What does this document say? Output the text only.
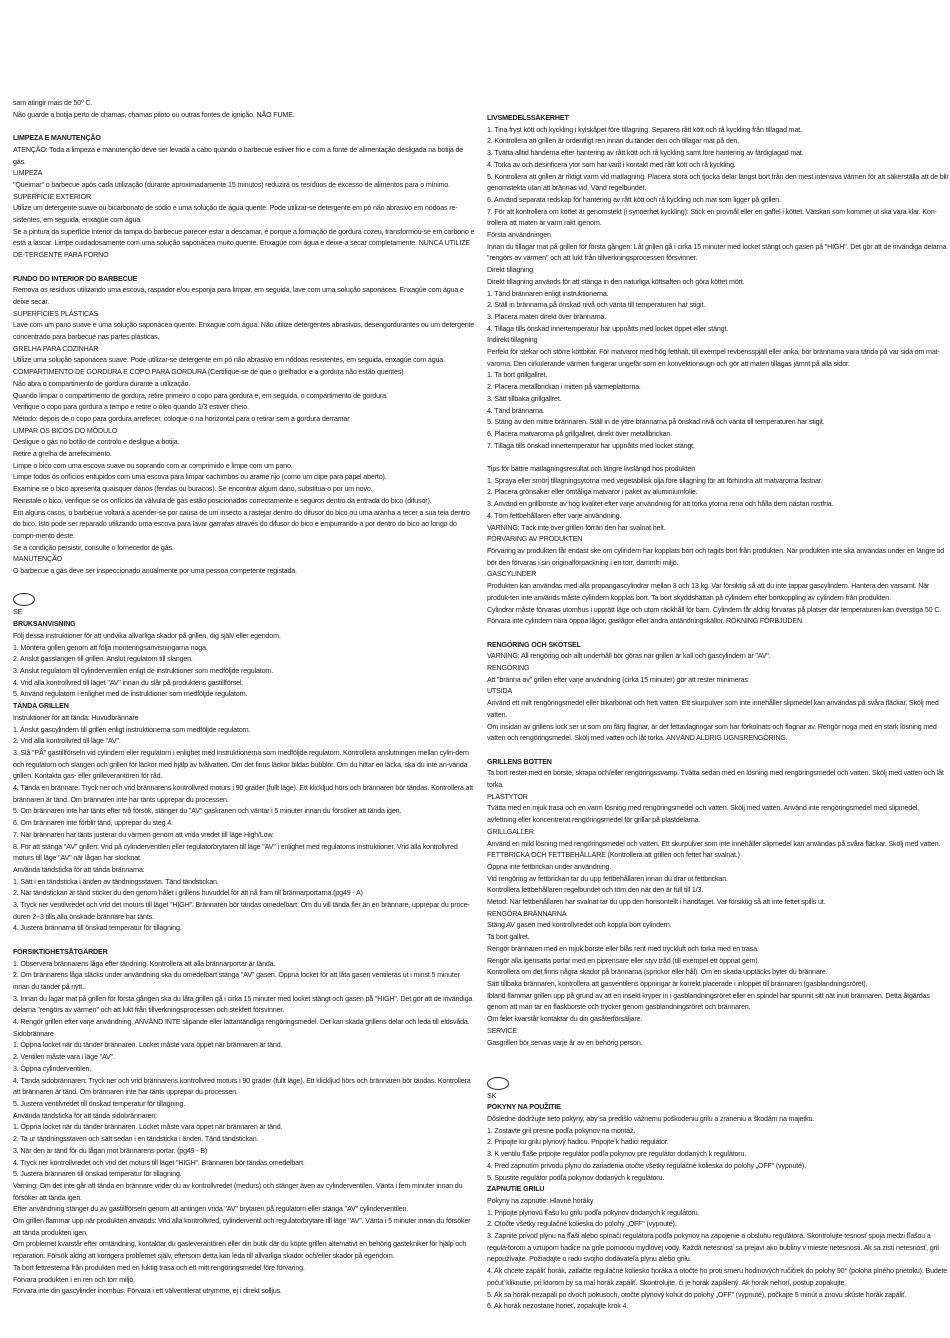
sam atingir mais de 50º C.

Não guarde a botija perto de chamas, chamas piloto ou outras fontes de ignição. NÃO FUME.

LIMPEZA E MANUTENÇÃO

ATENÇÃO: Toda a limpeza e manutenção deve ser levada a cabo quando o barbecue estiver frio e com a fonte de alimentação desligada na botija de gás.

LIMPEZA

"Queimar" o barbecue após cada utilização (durante aproximadamente 15 minutos) reduzirá os resíduos de excesso de alimentos para o mínimo.

SUPERFÍCIE EXTERIOR

Utilize um detergente suave ou bicarbonato de sódio e uma solução de água quente. Pode utilizar-se detergente em pó não abrasivo em nódoas re-sistentes, em seguida, enxagúe com água.

Se a pintura da superfície interior da tampa do barbecue parecer estar a descamar, é porque a formação de gordura cozeu, transformou-se em carbono e está a lascar. Limpe cuidadosamente com uma solução saponácea muito quente. Enxagúe com água e deixe-a secar completamente. NUNCA UTILIZE DE-TERGENTE PARA FORNO

FUNDO DO INTERIOR DO BARBECUE

Remova os resíduos utilizando uma escova, raspador e/ou esponja para limpar, em seguida, lave com uma solução saponácea. Enxagúe com água e deixe secar.

SUPERFÍCIES PLÁSTICAS

Lave com um pano suave e uma solução saponácea quente. Enxagúe com água. Não utilize detergentes abrasivos, desengordurantes ou um detergente concentrado para barbecue nas partes plásticas.

GRELHA PARA COZINHAR

Utilize uma solução saponácea suave. Pode utilizar-se detergente em pó não abrasivo em nódoas resistentes, em seguida, enxagúe com água.

COMPARTIMENTO DE GORDURA E COPO PARA GORDURA (Certifique-se de que o grelhador e a gordura não estão quentes)

Não abra o compartimento de gordura durante a utilização.

Quando limpar o compartimento de gordura, retire primeiro o copo para gordura e, em seguida, o compartimento de gordura.

Verifique o copo para gordura a tempo e retire o óleo quando 1/3 estiver cheio.

Método: depois de o copo para gordura arrefecer, coloque-o na horizontal para o retirar sem a gordura derramar

LIMPAR OS BICOS DO MÓDULO

Desligue o gás no botão de controlo e desligue a botija.

Retire a grelha de arrefecimento.

Limpe o bico com uma escova suave ou soprando com ar comprimido e limpe com um pano.

Limpe todos os orifícios entupidos com uma escova para limpar cachimbos ou arame rijo (como um clipe para papel aberto).

Examine se o bico apresenta quaisquer danos (fendas ou buracos). Se encontrar algum dano, substitua-o por um novo.

Reinstale o bico, verifique se os orifícios da válvula de gás estão posicionados correctamente e seguros dentro da entrada do bico (difusor).

Em alguns casos, o barbecue voltará a acender-se por causa de um insecto a rastejar dentro do difusor do bico ou uma aranha a tecer a sua teia dentro do bico. Isto pode ser reparado utilizando uma escova para lavar garrafas através do difusor do bico e empurrando-a por dentro do bico ao longo do compri-mento deste.

Se a condição persistir, consulte o fornecedor de gás.

MANUTENÇÃO

O barbecue a gás deve ser inspeccionado anualmente por uma pessoa competente registada.

SE

BRUKSANVISNING

Följ dessa instruktioner för att undvika allvarliga skador på grillen, dig själv eller egendom.

1. Montera grillen genom att följa monteringsanvisningarna noga.

2. Anslut gasslangen till grillen. Anslut regulatorn till slangen.

3. Anslut regulatorn till cylinderventilen enligt de instruktioner som medföljde regulatorn.

4. Vrid alla kontrollvred till läget "AV" innan du slår på produktens gastillförsel.

5. Använd regulatorn i enlighet med de instruktioner som medföljde regulatorn.

TÄNDA GRILLEN

Instruktioner för att tända: Huvudbrännare

1. Anslut gascylindern till grillen enligt instruktionerna som medföljde regulatorn.

2. Vrid alla kontrollvred till läge "AV".

3. Slå "PÅ" gastillförseln vid cylindern eller regulatorn i enlighet med instruktionerna som medföljde regulatorn. Kontrollera anslutningen mellan cylin-dern och regulatorn och slangen och grillen för läckor med hjälp av tvålvatten. Om det finns läckor bildas bubblor. Om du hittar en läcka, ska du inte an-vända grillen. Kontakta gas- eller grilleverantören för råd.

4. Tända en brännare: Tryck ner och vrid brännarens kontrollvred moturs i 90 grader (fullt läge). Ett klickljud hörs och brännaren bör tändas. Kontrollera att brännaren är tänd. Om brännaren inte har tänts upprepar du processen.

5. Om brännaren inte har tänts efter två försök, stänger du "AV" gaskranen och väntar i 5 minuter innan du försöker att tända igen.

6. Om brännaren inte förblir tänd, upprepar du steg 4.

7. När brännaren har tänts justerar du värmen genom att vrida vredet till läge High/Low.

8. För att stänga "AV" grillen: Vrid på cylinderventilen eller regulatorbrytaren till läge "AV" i enlighet med regulatorns instruktioner. Vrid alla kontrollvred moturs till läge "AV" när lågan har slocknat.

Använda tändsticka för att tända brännarna:

1. Sätt i en tändsticka i änden av tändningsstaven. Tänd tändstickan.

2. När tändstickan är tänd sticker du den genom hålet i grillens huvuddel för att nå fram till brännarportarna.(pg49 - A)

3. Tryck ner ventilvredet och vrid det moturs till läget "HIGH". Brännaren bör tändas omedelbart. Om du vill tända fler än en brännare, upprepar du proce-duren 2~3 tills alla önskade brännare har tänts.

4. Justera brännarna till önskad temperatur för tillagning.

FÖRSIKTIGHETSÅTGÄRDER

1. Observera brännarens låga efter tändning. Kontrollera att alla brännarportar är tända.

2. Om brännarens låga släcks under användning ska du omedelbart stänga "AV" gasen. Öppna locket för att låta gasen ventileras ut i minst 5 minuter innan du tänder på nytt..

3. Innan du lagar mat på grillen för första gången ska du låta grillen gå i cirka 15 minuter med locket stängt och gasen på "HIGH". Det gör att de invändiga delarna "rengörs av värmen" och att lukt från tillverkningsprocessen och stekfett försvinner.

4. Rengör grillen efter varje användning. ANVÄND INTE slipande eller lättantändliga rengöringsmedel. Det kan skada grillens delar och leda till eldsvåda.

Sidobrännare

1. Öppna locket när du tänder brännaren. Locket måste vara öppet när brännaren är tänd.

2. Ventilen måste vara i läge "AV".

3. Öppna cylinderventilen.

4. Tända sidobrännaren: Tryck ner och vrid brännarens kontrollvred moturs i 90 grader (fullt läge). Ett klickljud hörs och brännaren bör tändas. Kontrollera att brännaren är tänd. Om brännaren inte har tänts upprepar du processen.

5. Justera ventilvredet till önskad temperatur för tillagning.

Använda tändsticka för att tända sidobrännaren:

1. Öppna locket när du tänder brännaren. Locket måste vara öppet när brännaren är tänd.

2. Ta ur tändningsstaven och sätt sedan i en tändsticka i änden. Tänd tändstickan.

3. När den är tänd för du lågan mot brännarens portar. (pg49 - B)

4. Tryck ner kontrollvredet och vrid det moturs till läget "HIGH". Brännaren bör tändas omedelbart.

5. Justera brännaren till önskad temperatur för tillagning.

Varning: Om det inte går att tända en brännare vrider du av kontrollvredet (medurs) och stänger även av cylinderventilen. Vänta i fem minuter innan du försöker att tända igen.

Efter användning stänger du av gastillförseln genom att antingen vrida "AV" brytaren på regulatorn eller stänga "AV" cylinderventilen.

Om grillen flammar upp när produkten används: Vrid alla kontrollvred, cylinderventil och regulatorbrytare till läge "AV". Vänta i 5 minuter innan du försöker att tända produkten igen.

Om problemet kvarstår efter omtändning, kontaktar du gasleverantören eller din butik där du köpte grillen alternativt en behörig gastekniker för hjälp och reparation. Försök aldrig att korrigera problemet själv, eftersom detta kan leda till allvarliga skador och/eller skador på egendom.

Ta bort fettresterna från produkten med en fuktig trasa och ett mitt rengöringsmedel före förvaring.

Förvara produkten i en ren och torr miljö.

Förvara inte din gascylinder inomhus. Förvara i ett välventilerat utrymme, ej i direkt solljus.

LIVSMEDELSSÄKERHET

1. Tina fryst kött och kyckling i kylskåpet före tillagning. Separera rått kött och rå kyckling från tillagad mat.

2. Kontrollera att grillen är ordentligt ren innan du tänder den och tillagar mat på den.

3. Tvätta alltid händerna efter hantering av rått kött och rå kyckling samt före hantering av färdiglagad mat.

4. Torka av och desinficera ytor som har varit i kontakt med rått kött och rå kyckling.

5. Kontrollera att grillen är riktigt varm vid matlagning. Placera stora och tjocka delar längst bort från den mest intensiva värmen för att säkerställa att de blir genomstekta utan att brännas vid. Vänd regelbundet.

6. Använd separata redskap för hantering av rått kött och rå kyckling och mat som ligger på grillen.

7. För att kontrollera om köttet är genomstekt (i synnerhet kyckling): Stick en provnål eller en gaffel i köttet. Vätskan som kommer ut ska vara klar. Kon-trollera att maten är varm rakt igenom.

Första användningen

Innan du tillagar mat på grillen för första gången: Låt grillen gå i cirka 15 minuter med locket stängt och gasen på "HIGH". Det gör att de invändiga delarna "rengörs av värmen" och att lukt från tillverkningsprocessen försvinner.

Direkt tillagning

Direkt tillagning används för att stänga in den naturliga köttsaften och göra köttet mört.

1. Tänd brännaren enligt instruktionerna.

2. Ställ in brännarna på önskad nivå och vänta till temperaturen har stigit.

3. Placera maten direkt över brännarna.

4. Tillaga tills önskad innertemperatur har uppnåtts med locket öppet eller stängt.

Indirekt tillagning

Perfekt för stekar och större köttbitar. För matvaror med hög fetthalt, till exempel revbensspjäll eller anka, bör brännarna vara tända på var sida om mat-varorna. Den cirkulerande värmen fungerar ungefär som en konvektionsugn och gör att maten tillagas jämnt på alla sidor.

1. Ta bort grillgallret.

2. Placera metallbrickan i mitten på värmeplattorna.

3. Sätt tillbaka grillgallret.

4. Tänd brännarna.

5. Stäng av den mittre brännaren. Ställ in de yttre brännarna på önskad nivå och vänta till temperaturen har stigit.

6. Placera matvarorna på grillgallret, direkt över metallbrickan.

7. Tillaga tills önskad innertemperatur har uppnåtts med locket stängt.

Tips för bättre matlagningsresultat och längre livslängd hos produkten

1. Spraya eller smörj tillagningsytorna med vegetabilisk olja före tillagning för att förhindra att matvarorna fastnar.

2. Placera grönsaker eller ömtåliga matvaror i paket av aluminiumfolie.

3. Använd en grillborste av hög kvalitet efter varje användning för att torka ytorna rena och hålla dem nästan rostfria.

4. Töm fettbehållaren efter varje användning.

VARNING: Täck inte över grillen förrän den har svalnat helt.

FÖRVARING AV PRODUKTEN

Förvaring av produkten får endast ske om cylindern har kopplats bort och tagits bort från produkten. När produkten inte ska användas under en längre tid bör den förvaras i sin originalförpackning i en torr, dammfri miljö.

GASCYLINDER

Produkten kan användas med alla propangascylindrar mellan 3 och 13 kg. Var försiktig så att du inte tappar gascylindern. Hantera den varsamt. När produk-ten inte används måste cylindern kopplas bort. Ta bort skyddshättan på cylindern efter bortkoppling av cylindern från produkten.

Cylindrar måste förvaras utomhus i upprätt läge och utom räckhåll för barn. Cylindern får aldrig förvaras på platser där temperaturen kan överstiga 50 C.

Förvara inte cylindern nära öppna lågor, gaslågor eller andra antändningskällor. RÖKNING FÖRBJUDEN.

RENGÖRING OCH SKÖTSEL

VARNING: All rengöring och allt underhåll bör göras när grillen är kall och gascylindern är "AV".

RENGÖRING

Att "bränna av" grillen efter varje användning (cirka 15 minuter) gör att rester minimeras.

UTSIDA

Använd ett milt rengöringsmedel eller bikarbonat och hett vatten. Ett skurpulver som inte innehåller slipmedel kan användas på svåra fläckar. Skölj med vatten.

Om insidan av grillens lock ser ut som om färg flagnar, är det fettavlagringar som har förkolnats och flagnar av. Rengör noga med en stark lösning med vatten och rengöringsmedel. Skölj med vatten och låt torka. ANVÄND ALDRIG UGNSRENGÖRING.

GRILLENS BOTTEN

Ta bort rester med en borste, skrapa och/eller rengöringssvamp. Tvätta sedan med en lösning med rengöringsmedel och vatten. Skölj med vatten och låt torka.

PLASTYTOR

Tvätta med en mjuk trasa och en varm lösning med rengöringsmedel och vatten. Skölj med vatten. Använd inte rengöringsmedel med slipmedel, avfettning eller koncentrerat rengöringsmedel för grillar på plastdelarna.

GRILLGALLER

Använd en mild lösning med rengöringsmedel och vatten. Ett skurpulver som inte innehåller slipmedel kan användas på svåra fläckar. Skölj med vatten.

FETTBRICKA OCH FETTBEHÅLLARE (Kontrollera att grillen och fettet har svalnat.)

Öppna inte fettbrickan under användning.

Vid rengöring av fettbrickan tar du upp fettbehållaren innan du drar ut fettbrickan.

Kontrollera fettbehållaren regelbundet och töm den när den är full till 1/3.

Metod: När fettbehållaren har svalnat tar du upp den horisontellt i handtaget. Var försiktig så att inte fettet spills ut.

RENGÖRA BRÄNNARNA

Stäng AV gasen med kontrollvredet och koppla bort cylindern.

Ta bort gallret.

Rengör brännaren med en mjuk borste eller blås rent med tryckluft och torka med en trasa.

Rengör alla igensatta portar med en piprensare eller styv tråd (till exempel ett öppnat gem).

Kontrollera om det finns några skador på brännarna (sprickor eller hål). Om en skada upptäcks byter du brännare.

Sätt tillbaka brännaren, kontrollera att gasventilens öppningar är korrekt placerade i inloppet till brännaren (gasblandningsröret).

Ibland flammar grillen upp på grund av att en insekt kryper in i gasblandningsröret eller en spindel har spunnit sitt nät inuti brännaren. Detta åtgärdas genom att man tar en flaskborste och trycker genom gasblandningsröret och brännaren.

Om felet kvarstår kontaktar du din gasåterförsäljare.

SERVICE

Gasgrillen bör servas varje år av en behörig person.

SK

POKYNY NA POUŽITIE

Dôsledne dodržujte tieto pokyny, aby sa predišlo vážnemu poškodeniu grilu a zraneniu a škodám na majetku.

1. Zostavte gril presne podľa pokynov na montáž.

2. Pripojte ku grilu plynový hadicu. Pripojte k hadici regulátor.

3. K ventilu fľaše pripojte regulátor podľa pokynov pre regulátor dodaných k regulátoru.

4. Pred zapnutím prívodu plynu do zariadenia otočte všetky regulačné kolieska do polohy „OFF" (vypnuté).

5. Spustite regulátor podľa pokynov dodaných k regulátoru.

ZAPNUTIE GRILU

Pokyny na zapnutie: Hlavné horáky

1. Pripojte plynovú fľašu ku grilu podľa pokynov dodaných k regulátoru.

2. Otočte všetky regulačné kolieska do polohy „OFF" (vypnuté).

3. Zapnite prívod plynu na fľaši alebo spínači regulátora podľa pokynov na zapojenie a obsluhu regulátora. Skontrolujte tesnosť spoja medzi fľašou a regulá-torom a vztupom hadice na grile pomocou mydlovej vody. Každá netesnosť sa prejaví ako bubliny v mieste netesnosti. Ak sa zistí netesnosť, gril nepoužívajte. Požiadajte o radu svojho dodávateľa plynu alebo grilu.

4. Ak chcete zapáliť horák, zatlačte regulačné koliesko horáka a otočte ho proti smeru hodinových ručičiek do polohy 90° (poloha plného prietoku). Budete počuť kliknutie, pri ktorom by sa mal horák zapáliť. Skontrolujte, či je horák zapálený. Ak horák nehorí, postup zopakujte.

5. Ak sa horák nezapáli po dvoch pokusoch, otočte plynový kohút do polohy „OFF" (vypnuté), počkajte 5 minút a znovu skúste horák zapáliť.

6. Ak horák nezostane horieť, zopakujte krok 4.
